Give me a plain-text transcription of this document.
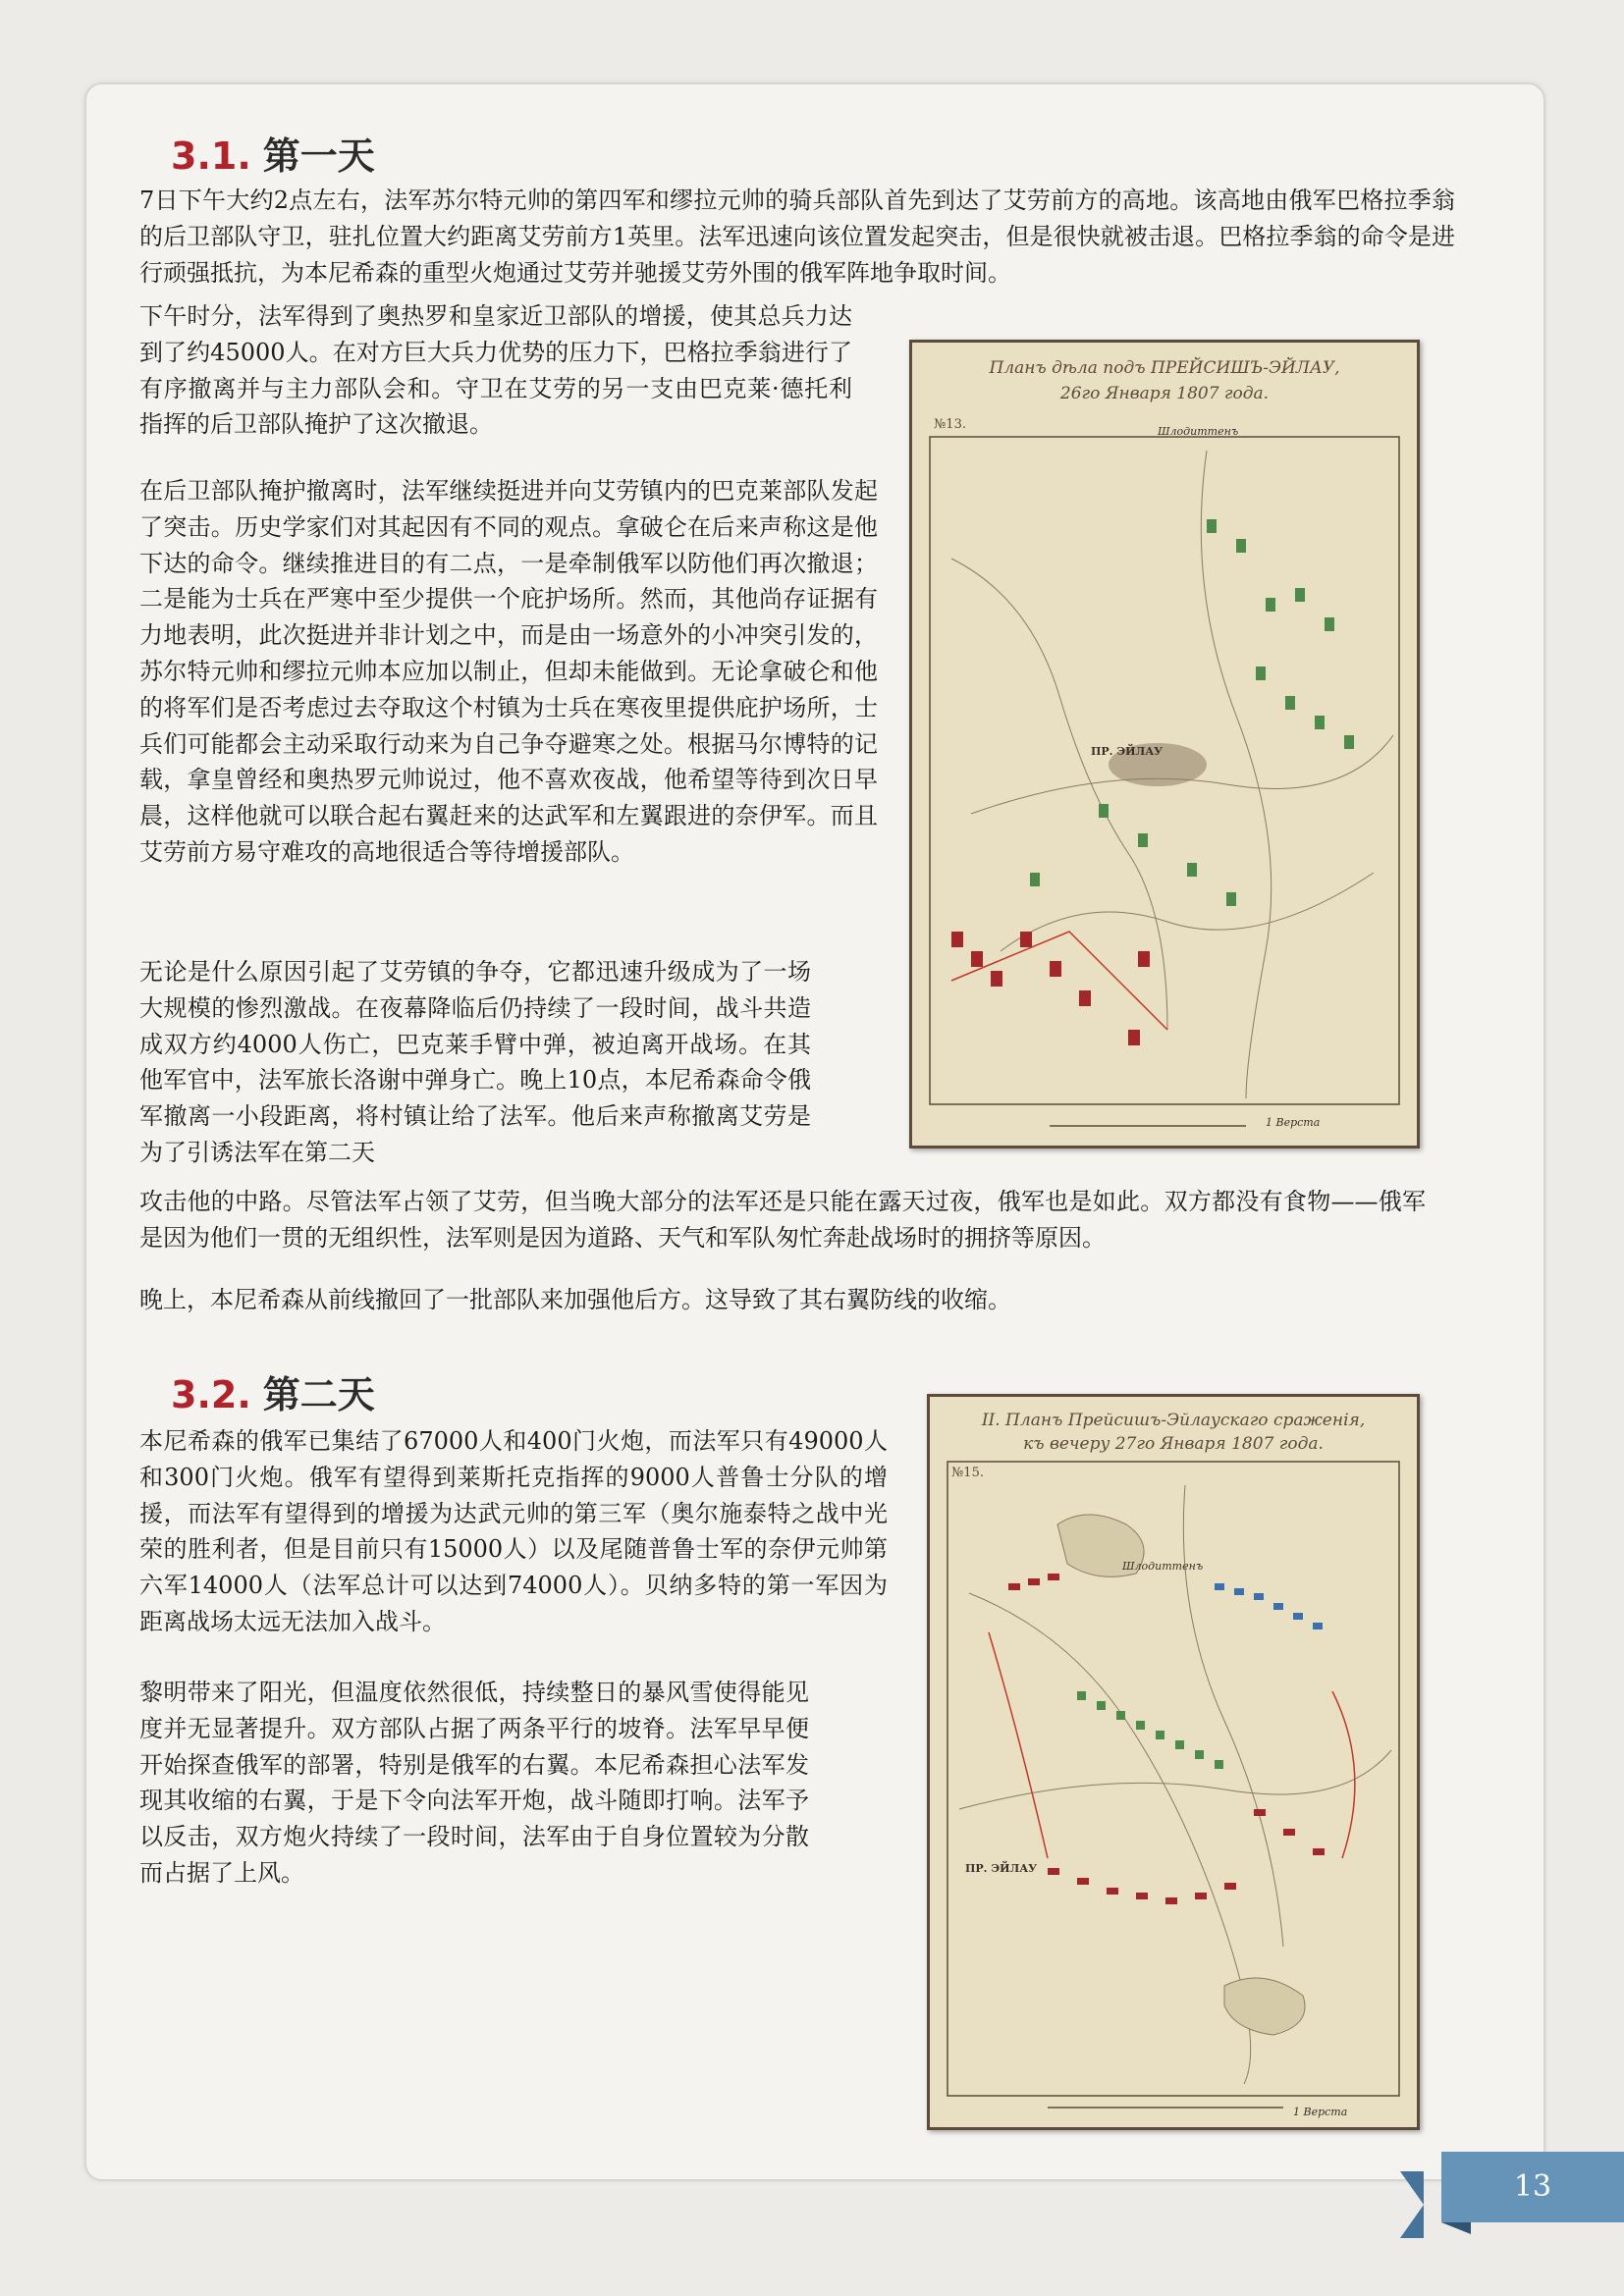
3.1. 第一天

7日下午大约2点左右，法军苏尔特元帅的第四军和缪拉元帅的骑兵部队首先到达了艾劳前方的高地。该高地由俄军巴格拉季翁的后卫部队守卫，驻扎位置大约距离艾劳前方1英里。法军迅速向该位置发起突击，但是很快就被击退。巴格拉季翁的命令是进行顽强抵抗，为本尼希森的重型火炮通过艾劳并驰援艾劳外围的俄军阵地争取时间。

下午时分，法军得到了奥热罗和皇家近卫部队的增援，使其总兵力达到了约45000人。在对方巨大兵力优势的压力下，巴格拉季翁进行了有序撤离并与主力部队会和。守卫在艾劳的另一支由巴克莱·德托利指挥的后卫部队掩护了这次撤退。

在后卫部队掩护撤离时，法军继续挺进并向艾劳镇内的巴克莱部队发起了突击。历史学家们对其起因有不同的观点。拿破仑在后来声称这是他下达的命令。继续推进目的有二点，一是牵制俄军以防他们再次撤退；二是能为士兵在严寒中至少提供一个庇护场所。然而，其他尚存证据有力地表明，此次挺进并非计划之中，而是由一场意外的小冲突引发的，苏尔特元帅和缪拉元帅本应加以制止，但却未能做到。无论拿破仑和他的将军们是否考虑过去夺取这个村镇为士兵在寒夜里提供庇护场所，士兵们可能都会主动采取行动来为自己争夺避寒之处。根据马尔博特的记载，拿皇曾经和奥热罗元帅说过，他不喜欢夜战，他希望等待到次日早晨，这样他就可以联合起右翼赶来的达武军和左翼跟进的奈伊军。而且艾劳前方易守难攻的高地很适合等待增援部队。

无论是什么原因引起了艾劳镇的争夺，它都迅速升级成为了一场大规模的惨烈激战。在夜幕降临后仍持续了一段时间，战斗共造成双方约4000人伤亡，巴克莱手臂中弹，被迫离开战场。在其他军官中，法军旅长洛谢中弹身亡。晚上10点，本尼希森命令俄军撤离一小段距离，将村镇让给了法军。他后来声称撤离艾劳是为了引诱法军在第二天

攻击他的中路。尽管法军占领了艾劳，但当晚大部分的法军还是只能在露天过夜，俄军也是如此。双方都没有食物——俄军是因为他们一贯的无组织性，法军则是因为道路、天气和军队匆忙奔赴战场时的拥挤等原因。

晚上，本尼希森从前线撤回了一批部队来加强他后方。这导致了其右翼防线的收缩。

Планъ дѣла подъ ПРЕЙСИШЪ-ЭЙЛАУ,
26го Января 1807 года.
№13.	Шлодиттенъ
ПР. ЭЙЛАУ
1 Верста
3.2. 第二天

本尼希森的俄军已集结了67000人和400门火炮，而法军只有49000人和300门火炮。俄军有望得到莱斯托克指挥的9000人普鲁士分队的增援，而法军有望得到的增援为达武元帅的第三军（奥尔施泰特之战中光荣的胜利者，但是目前只有15000人）以及尾随普鲁士军的奈伊元帅第六军14000人（法军总计可以达到74000人）。贝纳多特的第一军因为距离战场太远无法加入战斗。

黎明带来了阳光，但温度依然很低，持续整日的暴风雪使得能见度并无显著提升。双方部队占据了两条平行的坡脊。法军早早便开始探查俄军的部署，特别是俄军的右翼。本尼希森担心法军发现其收缩的右翼，于是下令向法军开炮，战斗随即打响。法军予以反击，双方炮火持续了一段时间，法军由于自身位置较为分散而占据了上风。

II. Планъ Прейсишъ-Эйлаускаго сраженія,
къ вечеру 27го Января 1807 года.
№15.
Шлодиттенъ
ПР. ЭЙЛАУ
1 Верста
13
